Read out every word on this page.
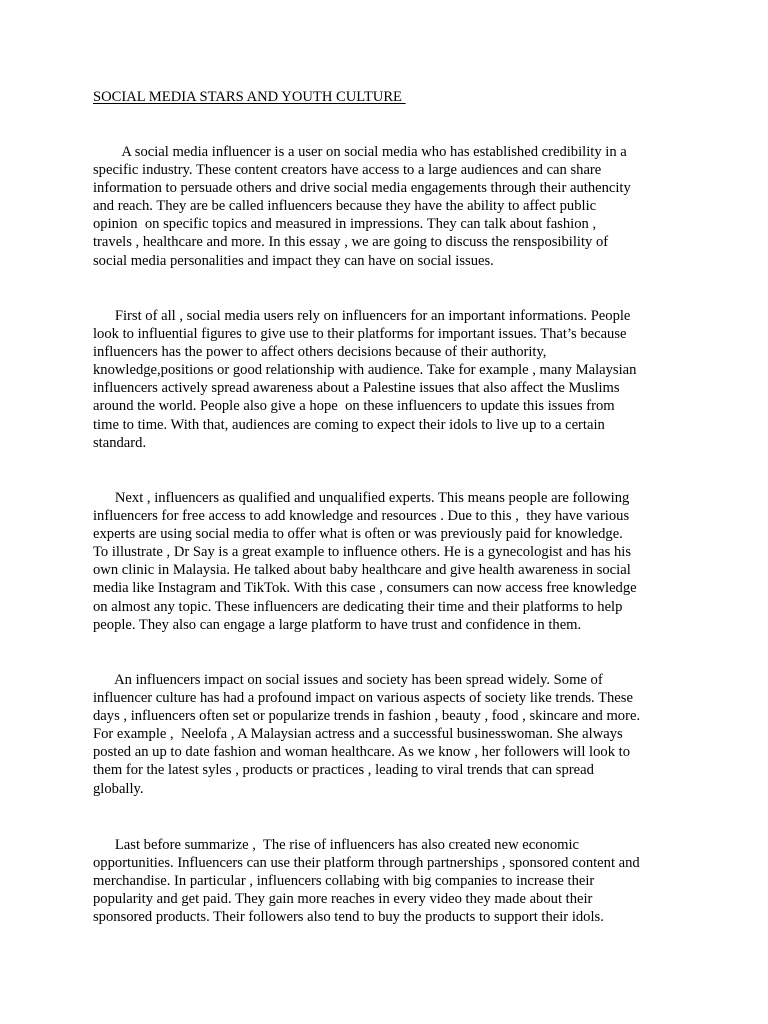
SOCIAL MEDIA STARS AND YOUTH CULTURE
A social media influencer is a user on social media who has established credibility in a
specific industry. These content creators have access to a large audiences and can share
information to persuade others and drive social media engagements through their authencity
and reach. They are be called influencers because they have the ability to affect public
opinion  on specific topics and measured in impressions. They can talk about fashion ,
travels , healthcare and more. In this essay , we are going to discuss the rensposibility of
social media personalities and impact they can have on social issues.
First of all , social media users rely on influencers for an important informations. People
look to influential figures to give use to their platforms for important issues. That’s because
influencers has the power to affect others decisions because of their authority,
knowledge,positions or good relationship with audience. Take for example , many Malaysian
influencers actively spread awareness about a Palestine issues that also affect the Muslims
around the world. People also give a hope  on these influencers to update this issues from
time to time. With that, audiences are coming to expect their idols to live up to a certain
standard.
Next , influencers as qualified and unqualified experts. This means people are following
influencers for free access to add knowledge and resources . Due to this ,  they have various
experts are using social media to offer what is often or was previously paid for knowledge.
To illustrate , Dr Say is a great example to influence others. He is a gynecologist and has his
own clinic in Malaysia. He talked about baby healthcare and give health awareness in social
media like Instagram and TikTok. With this case , consumers can now access free knowledge
on almost any topic. These influencers are dedicating their time and their platforms to help
people. They also can engage a large platform to have trust and confidence in them.
An influencers impact on social issues and society has been spread widely. Some of
influencer culture has had a profound impact on various aspects of society like trends. These
days , influencers often set or popularize trends in fashion , beauty , food , skincare and more.
For example ,  Neelofa , A Malaysian actress and a successful businesswoman. She always
posted an up to date fashion and woman healthcare. As we know , her followers will look to
them for the latest syles , products or practices , leading to viral trends that can spread
globally.
Last before summarize ,  The rise of influencers has also created new economic
opportunities. Influencers can use their platform through partnerships , sponsored content and
merchandise. In particular , influencers collabing with big companies to increase their
popularity and get paid. They gain more reaches in every video they made about their
sponsored products. Their followers also tend to buy the products to support their idols.
